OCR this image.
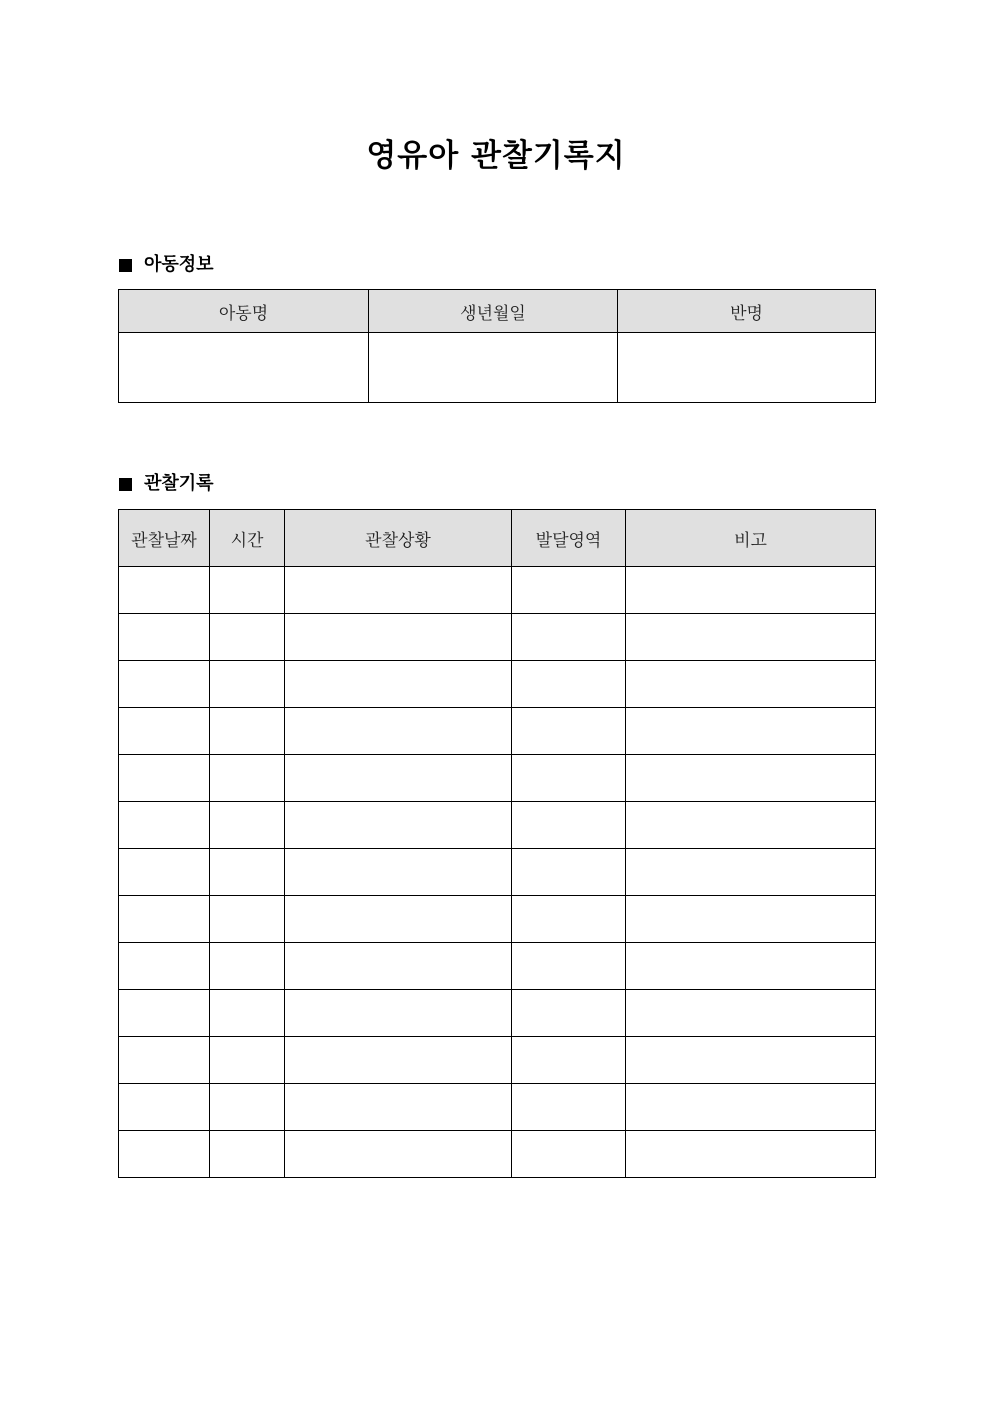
영유아 관찰기록지
아동정보
아동명	생년월일	반명

관찰기록
관찰날짜	시간	관찰상황	발달영역	비고
